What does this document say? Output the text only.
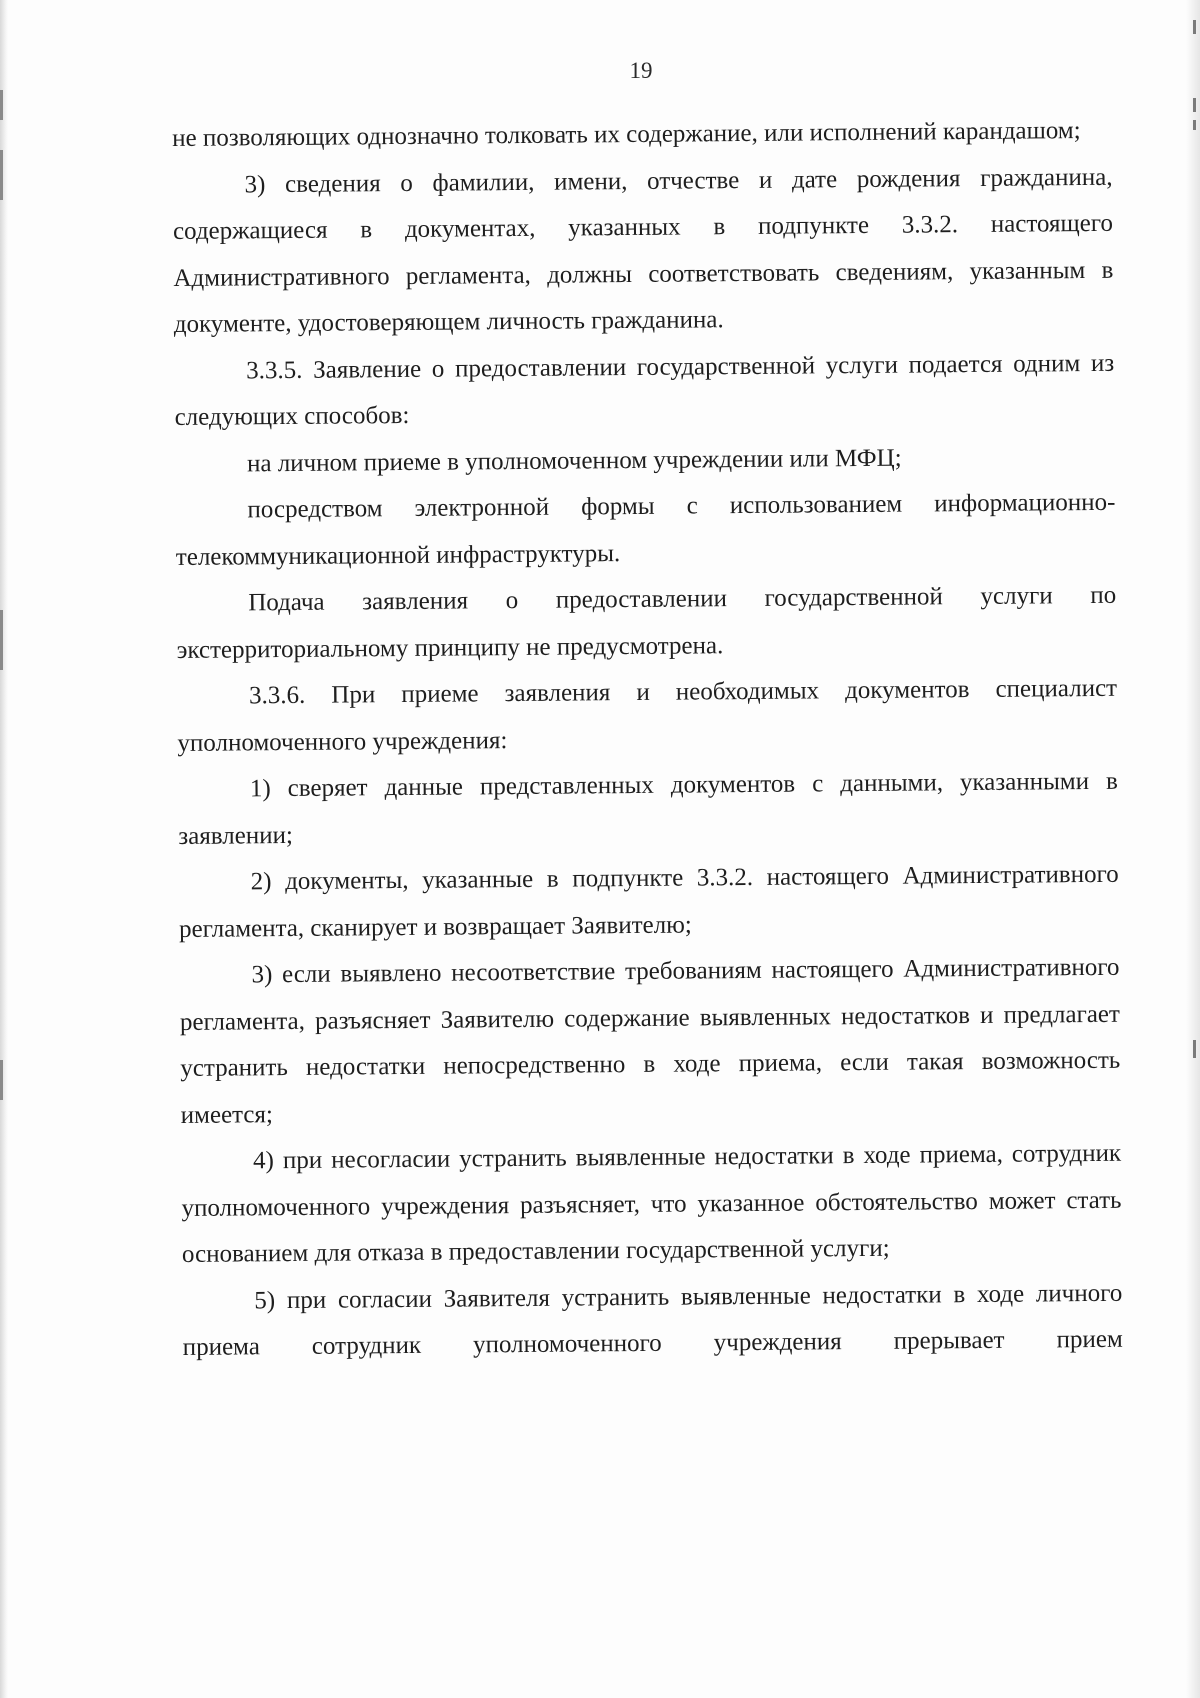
19

не позволяющих однозначно толковать их содержание, или исполнений карандашом;

3) сведения о фамилии, имени, отчестве и дате рождения гражданина, содержащиеся в документах, указанных в подпункте 3.3.2. настоящего Административного регламента, должны соответствовать сведениям, указанным в документе, удостоверяющем личность гражданина.

3.3.5. Заявление о предоставлении государственной услуги подается одним из следующих способов:

на личном приеме в уполномоченном учреждении или МФЦ;

посредством электронной формы с использованием информационно-телекоммуникационной инфраструктуры.

Подача заявления о предоставлении государственной услуги по экстерриториальному принципу не предусмотрена.

3.3.6. При приеме заявления и необходимых документов специалист уполномоченного учреждения:

1) сверяет данные представленных документов с данными, указанными в заявлении;

2) документы, указанные в подпункте 3.3.2. настоящего Административного регламента, сканирует и возвращает Заявителю;

3) если выявлено несоответствие требованиям настоящего Административного регламента, разъясняет Заявителю содержание выявленных недостатков и предлагает устранить недостатки непосредственно в ходе приема, если такая возможность имеется;

4) при несогласии устранить выявленные недостатки в ходе приема, сотрудник уполномоченного учреждения разъясняет, что указанное обстоятельство может стать основанием для отказа в предоставлении государственной услуги;

5) при согласии Заявителя устранить выявленные недостатки в ходе личного приема сотрудник уполномоченного учреждения прерывает прием
